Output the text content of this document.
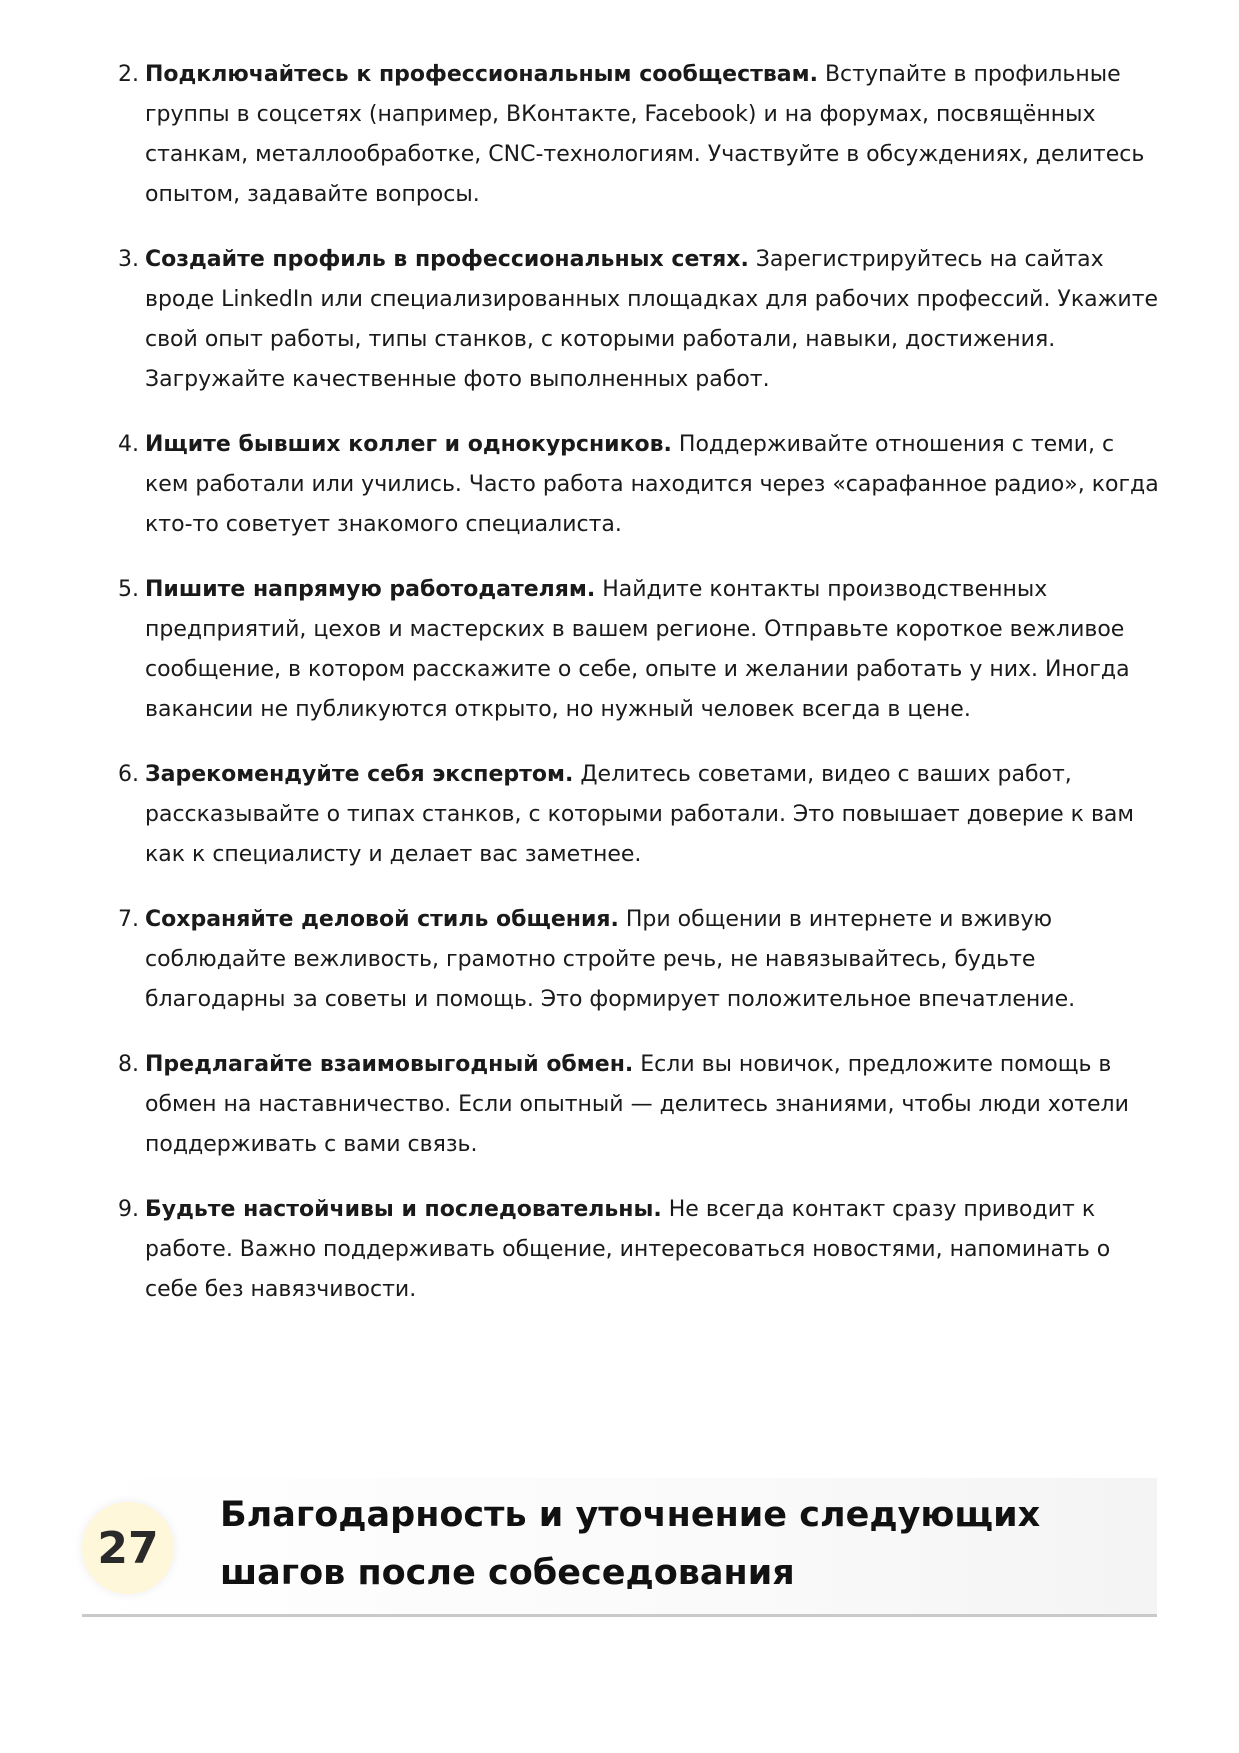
2. Подключайтесь к профессиональным сообществам. Вступайте в профильные группы в соцсетях (например, ВКонтакте, Facebook) и на форумах, посвящённых станкам, металлообработке, CNC-технологиям. Участвуйте в обсуждениях, делитесь опытом, задавайте вопросы.
3. Создайте профиль в профессиональных сетях. Зарегистрируйтесь на сайтах вроде LinkedIn или специализированных площадках для рабочих профессий. Укажите свой опыт работы, типы станков, с которыми работали, навыки, достижения. Загружайте качественные фото выполненных работ.
4. Ищите бывших коллег и однокурсников. Поддерживайте отношения с теми, с кем работали или учились. Часто работа находится через «сарафанное радио», когда кто-то советует знакомого специалиста.
5. Пишите напрямую работодателям. Найдите контакты производственных предприятий, цехов и мастерских в вашем регионе. Отправьте короткое вежливое сообщение, в котором расскажите о себе, опыте и желании работать у них. Иногда вакансии не публикуются открыто, но нужный человек всегда в цене.
6. Зарекомендуйте себя экспертом. Делитесь советами, видео с ваших работ, рассказывайте о типах станков, с которыми работали. Это повышает доверие к вам как к специалисту и делает вас заметнее.
7. Сохраняйте деловой стиль общения. При общении в интернете и вживую соблюдайте вежливость, грамотно стройте речь, не навязывайтесь, будьте благодарны за советы и помощь. Это формирует положительное впечатление.
8. Предлагайте взаимовыгодный обмен. Если вы новичок, предложите помощь в обмен на наставничество. Если опытный — делитесь знаниями, чтобы люди хотели поддерживать с вами связь.
9. Будьте настойчивы и последовательны. Не всегда контакт сразу приводит к работе. Важно поддерживать общение, интересоваться новостями, напоминать о себе без навязчивости.
27
Благодарность и уточнение следующих шагов после собеседования
